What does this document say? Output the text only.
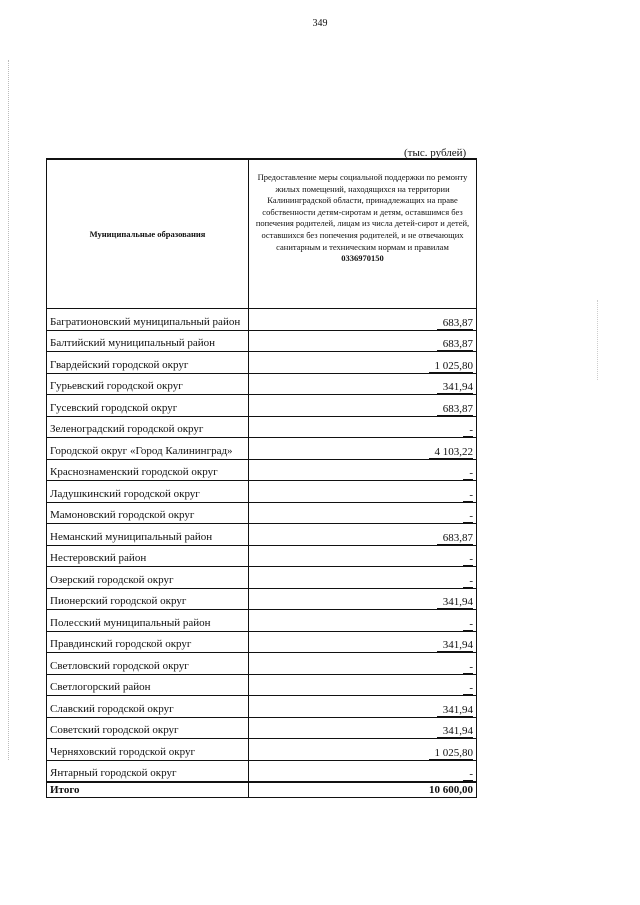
349
(тыс. рублей)
Муниципальные образования
Предоставление меры социальной поддержки по ремонту жилых помещений, находящихся на территории Калининградской области, принадлежащих на праве собственности детям-сиротам и детям, оставшимся без попечения родителей, лицам из числа детей-сирот и детей, оставшихся без попечения родителей, и не отвечающих санитарным и техническим нормам и правилам
0336970150
Багратионовский муниципальный район	683,87
Балтийский муниципальный район	683,87
Гвардейский городской округ	1 025,80
Гурьевский городской округ	341,94
Гусевский городской округ	683,87
Зеленоградский городской округ	-
Городской округ «Город Калининград»	4 103,22
Краснознаменский городской округ	-
Ладушкинский городской округ	-
Мамоновский городской округ	-
Неманский муниципальный район	683,87
Нестеровский район	-
Озерский городской округ	-
Пионерский городской округ	341,94
Полесский муниципальный район	-
Правдинский городской округ	341,94
Светловский городской округ	-
Светлогорский район	-
Славский городской округ	341,94
Советский городской округ	341,94
Черняховский городской округ	1 025,80
Янтарный городской округ	-
Итого	10 600,00
